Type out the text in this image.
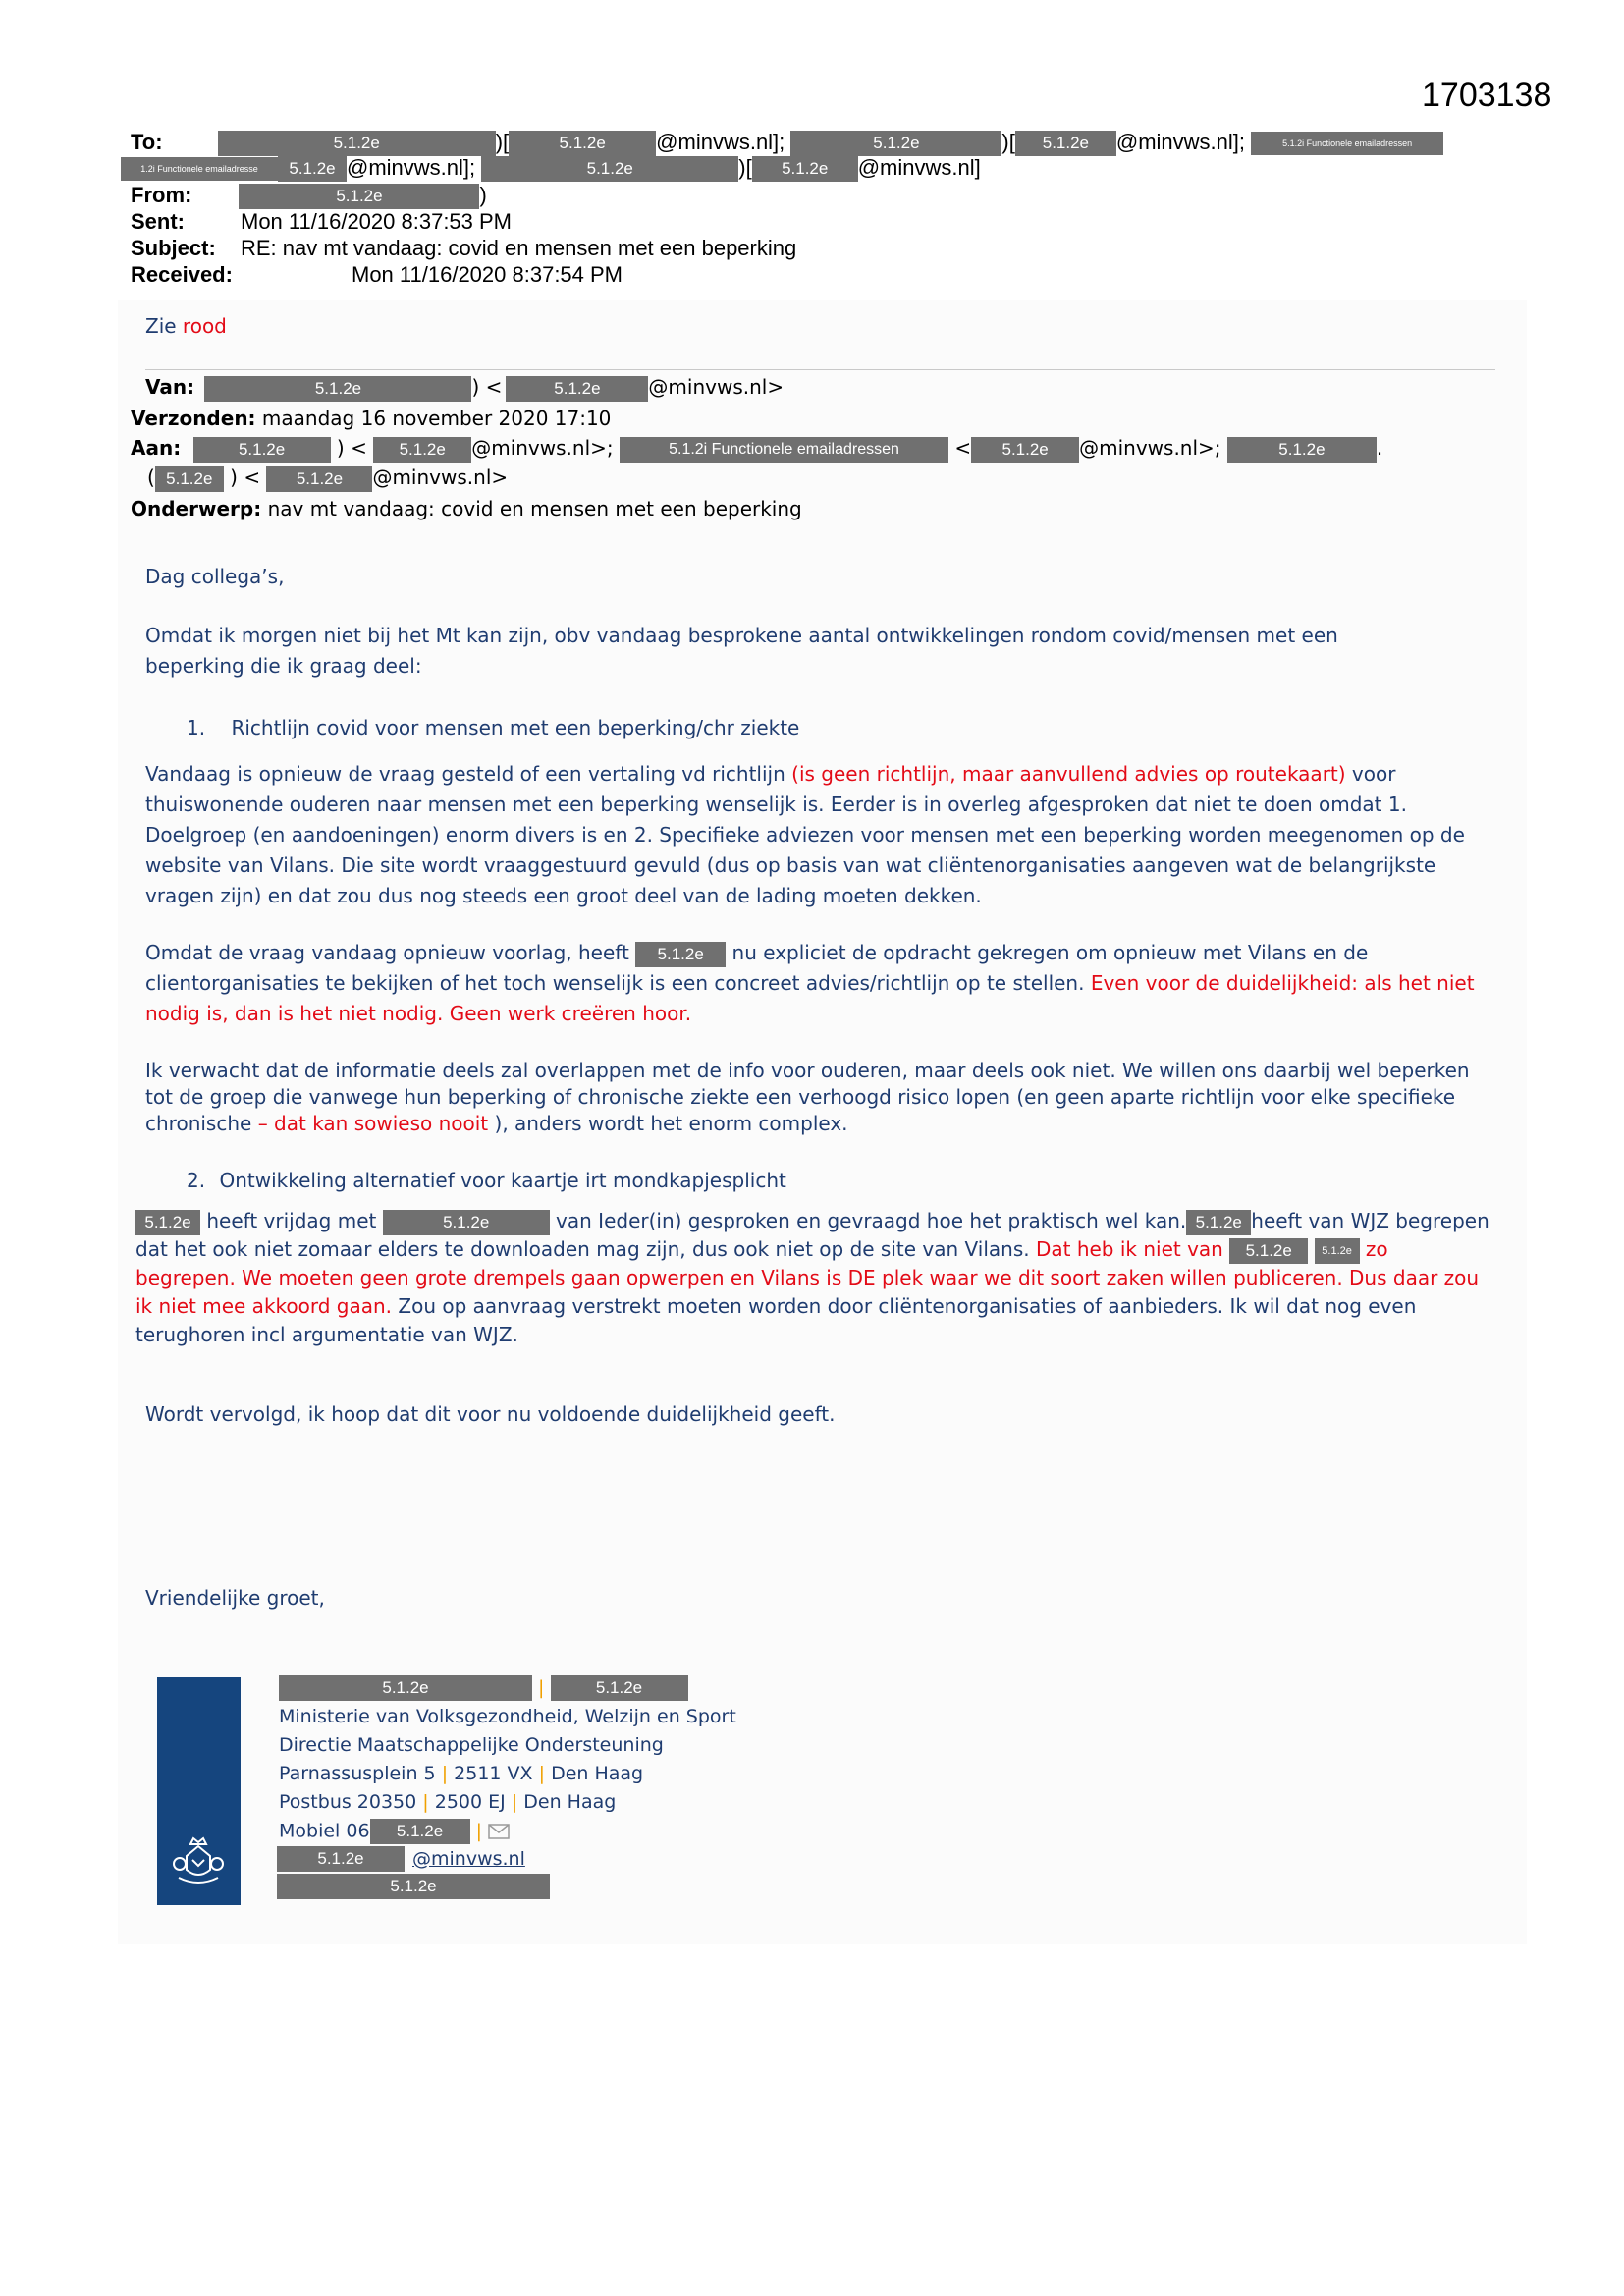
1703138
To:	5.1.2e	)[	5.1.2e @minvws.nl];	5.1.2e	)[ 5.1.2e @minvws.nl];	5.1.2i Functionele emailadressen
1.2i Functionele emailadresse 5.1.2e @minvws.nl];	5.1.2e	)[ 5.1.2e @minvws.nl]
From:	5.1.2e	)
Sent:	Mon 11/16/2020 8:37:53 PM
Subject: RE: nav mt vandaag: covid en mensen met een beperking
Received:	Mon 11/16/2020 8:37:54 PM
Zie rood
Van:	5.1.2e	) <	5.1.2e @minvws.nl>
Verzonden: maandag 16 november 2020 17:10
Aan:	5.1.2e ) < 5.1.2e @minvws.nl>;	5.1.2i Functionele emailadressen	< 5.1.2e @minvws.nl>;	5.1.2e	.
( 5.1.2e ) < 5.1.2e @minvws.nl>
Onderwerp: nav mt vandaag: covid en mensen met een beperking
Dag collega’s,
Omdat ik morgen niet bij het Mt kan zijn, obv vandaag besprokene aantal ontwikkelingen rondom covid/mensen met een beperking die ik graag deel:
1. Richtlijn covid voor mensen met een beperking/chr ziekte
Vandaag is opnieuw de vraag gesteld of een vertaling vd richtlijn (is geen richtlijn, maar aanvullend advies op routekaart) voor thuiswonende ouderen naar mensen met een beperking wenselijk is. Eerder is in overleg afgesproken dat niet te doen omdat 1. Doelgroep (en aandoeningen) enorm divers is en 2. Specifieke adviezen voor mensen met een beperking worden meegenomen op de website van Vilans. Die site wordt vraaggestuurd gevuld (dus op basis van wat cliëntenorganisaties aangeven wat de belangrijkste vragen zijn) en dat zou dus nog steeds een groot deel van de lading moeten dekken.
Omdat de vraag vandaag opnieuw voorlag, heeft 5.1.2e nu expliciet de opdracht gekregen om opnieuw met Vilans en de clientorganisaties te bekijken of het toch wenselijk is een concreet advies/richtlijn op te stellen. Even voor de duidelijkheid: als het niet nodig is, dan is het niet nodig. Geen werk creëren hoor.
Ik verwacht dat de informatie deels zal overlappen met de info voor ouderen, maar deels ook niet. We willen ons daarbij wel beperken tot de groep die vanwege hun beperking of chronische ziekte een verhoogd risico lopen (en geen aparte richtlijn voor elke specifieke chronische – dat kan sowieso nooit ), anders wordt het enorm complex.
2. Ontwikkeling alternatief voor kaartje irt mondkapjesplicht
5.1.2e heeft vrijdag met	5.1.2e	van Ieder(in) gesproken en gevraagd hoe het praktisch wel kan. 5.1.2e heeft van WJZ begrepen dat het ook niet zomaar elders te downloaden mag zijn, dus ook niet op de site van Vilans. Dat heb ik niet van 5.1.2e	5.1.2e zo begrepen. We moeten geen grote drempels gaan opwerpen en Vilans is DE plek waar we dit soort zaken willen publiceren. Dus daar zou ik niet mee akkoord gaan. Zou op aanvraag verstrekt moeten worden door cliëntenorganisaties of aanbieders. Ik wil dat nog even terughoren incl argumentatie van WJZ.
Wordt vervolgd, ik hoop dat dit voor nu voldoende duidelijkheid geeft.
Vriendelijke groet,
5.1.2e	|	5.1.2e
Ministerie van Volksgezondheid, Welzijn en Sport
Directie Maatschappelijke Ondersteuning
Parnassusplein 5 | 2511 VX | Den Haag
Postbus 20350 | 2500 EJ | Den Haag
Mobiel 06 5.1.2e |
5.1.2e	@minvws.nl
5.1.2e
